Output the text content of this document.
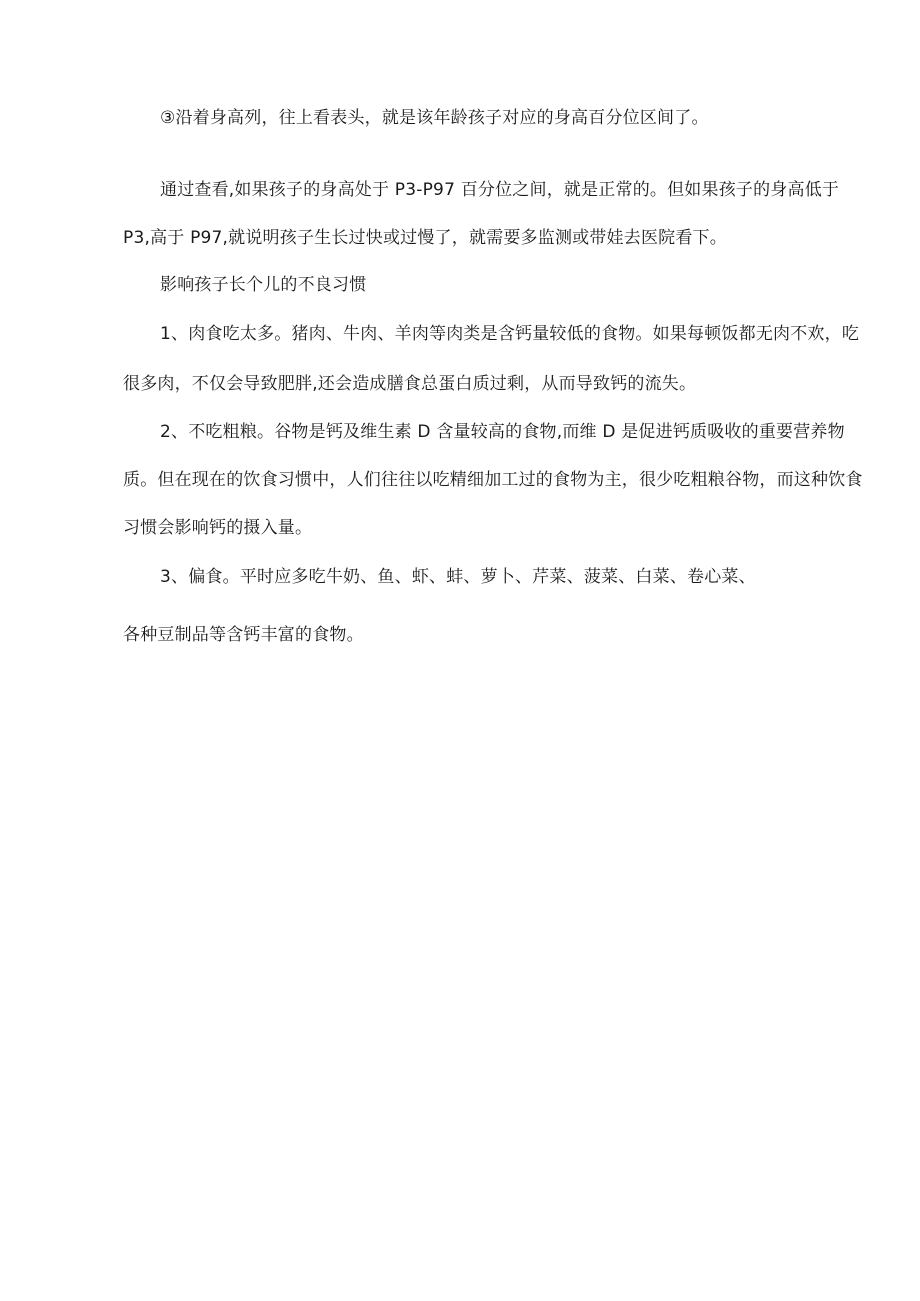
③沿着身高列，往上看表头，就是该年龄孩子对应的身高百分位区间了。
通过查看,如果孩子的身高处于 P3-P97 百分位之间，就是正常的。但如果孩子的身高低于
P3,高于 P97,就说明孩子生长过快或过慢了，就需要多监测或带娃去医院看下。
影响孩子长个儿的不良习惯
1、肉食吃太多。猪肉、牛肉、羊肉等肉类是含钙量较低的食物。如果每顿饭都无肉不欢，吃
很多肉，不仅会导致肥胖,还会造成膳食总蛋白质过剩，从而导致钙的流失。
2、不吃粗粮。谷物是钙及维生素 D 含量较高的食物,而维 D 是促进钙质吸收的重要营养物
质。但在现在的饮食习惯中，人们往往以吃精细加工过的食物为主，很少吃粗粮谷物，而这种饮食
习惯会影响钙的摄入量。
3、偏食。平时应多吃牛奶、鱼、虾、蚌、萝卜、芹菜、菠菜、白菜、卷心菜、
各种豆制品等含钙丰富的食物。
